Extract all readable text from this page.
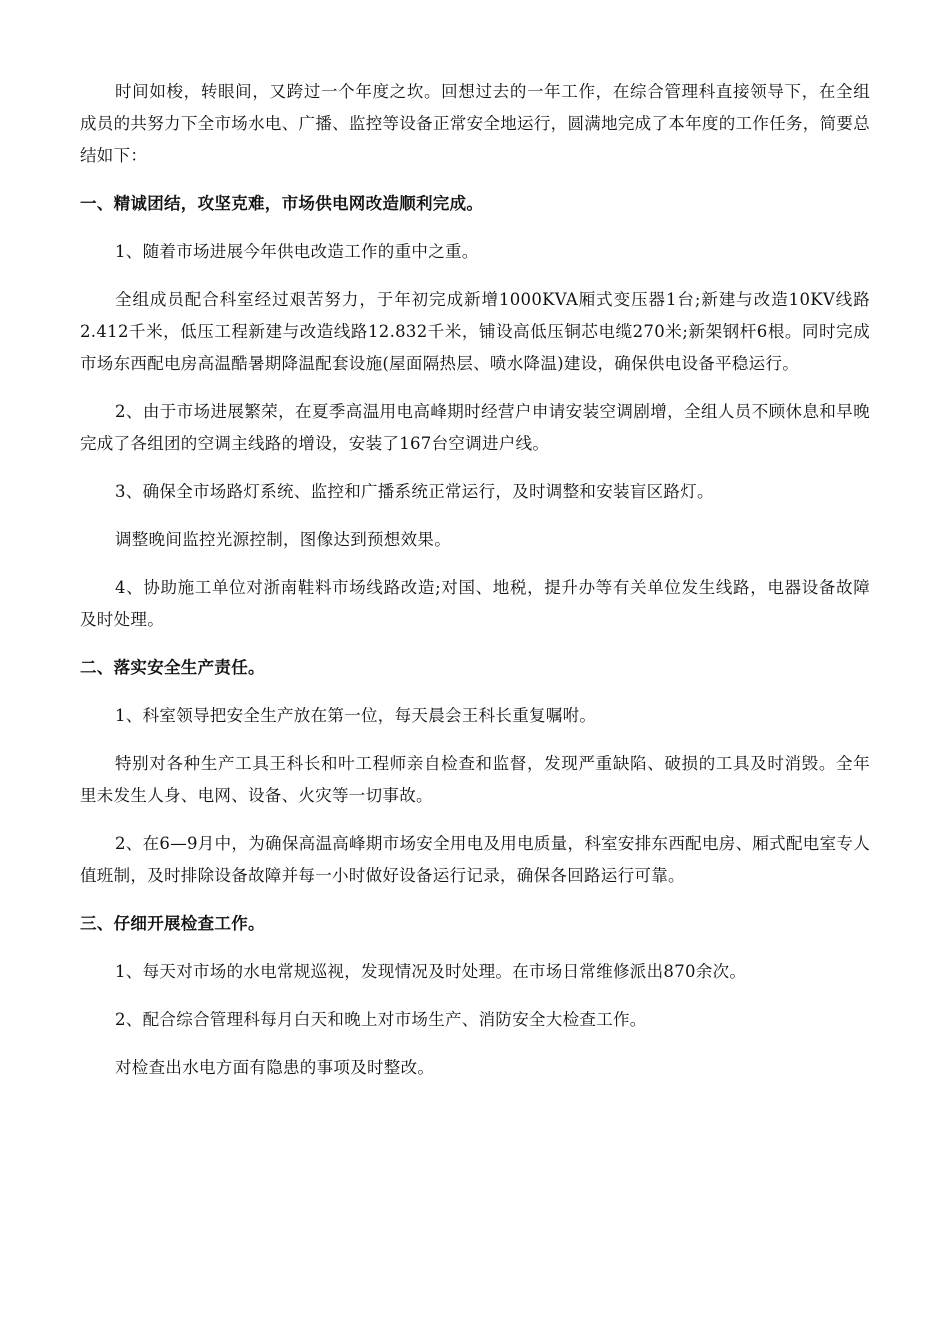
时间如梭，转眼间，又跨过一个年度之坎。回想过去的一年工作，在综合管理科直接领导下，在全组成员的共努力下全市场水电、广播、监控等设备正常安全地运行，圆满地完成了本年度的工作任务，简要总结如下：

一、精诚团结，攻坚克难，市场供电网改造顺利完成。

1、随着市场进展今年供电改造工作的重中之重。

全组成员配合科室经过艰苦努力，于年初完成新增1000KVA厢式变压器1台;新建与改造10KV线路2.412千米，低压工程新建与改造线路12.832千米，铺设高低压铜芯电缆270米;新架钢杆6根。同时完成市场东西配电房高温酷暑期降温配套设施(屋面隔热层、喷水降温)建设，确保供电设备平稳运行。

2、由于市场进展繁荣，在夏季高温用电高峰期时经营户申请安装空调剧增，全组人员不顾休息和早晚完成了各组团的空调主线路的增设，安装了167台空调进户线。

3、确保全市场路灯系统、监控和广播系统正常运行，及时调整和安装盲区路灯。

调整晚间监控光源控制，图像达到预想效果。

4、协助施工单位对浙南鞋料市场线路改造;对国、地税，提升办等有关单位发生线路，电器设备故障及时处理。

二、落实安全生产责任。

1、科室领导把安全生产放在第一位，每天晨会王科长重复嘱咐。

特别对各种生产工具王科长和叶工程师亲自检查和监督，发现严重缺陷、破损的工具及时消毁。全年里未发生人身、电网、设备、火灾等一切事故。

2、在6—9月中，为确保高温高峰期市场安全用电及用电质量，科室安排东西配电房、厢式配电室专人值班制，及时排除设备故障并每一小时做好设备运行记录，确保各回路运行可靠。

三、仔细开展检查工作。

1、每天对市场的水电常规巡视，发现情况及时处理。在市场日常维修派出870余次。

2、配合综合管理科每月白天和晚上对市场生产、消防安全大检查工作。

对检查出水电方面有隐患的事项及时整改。
